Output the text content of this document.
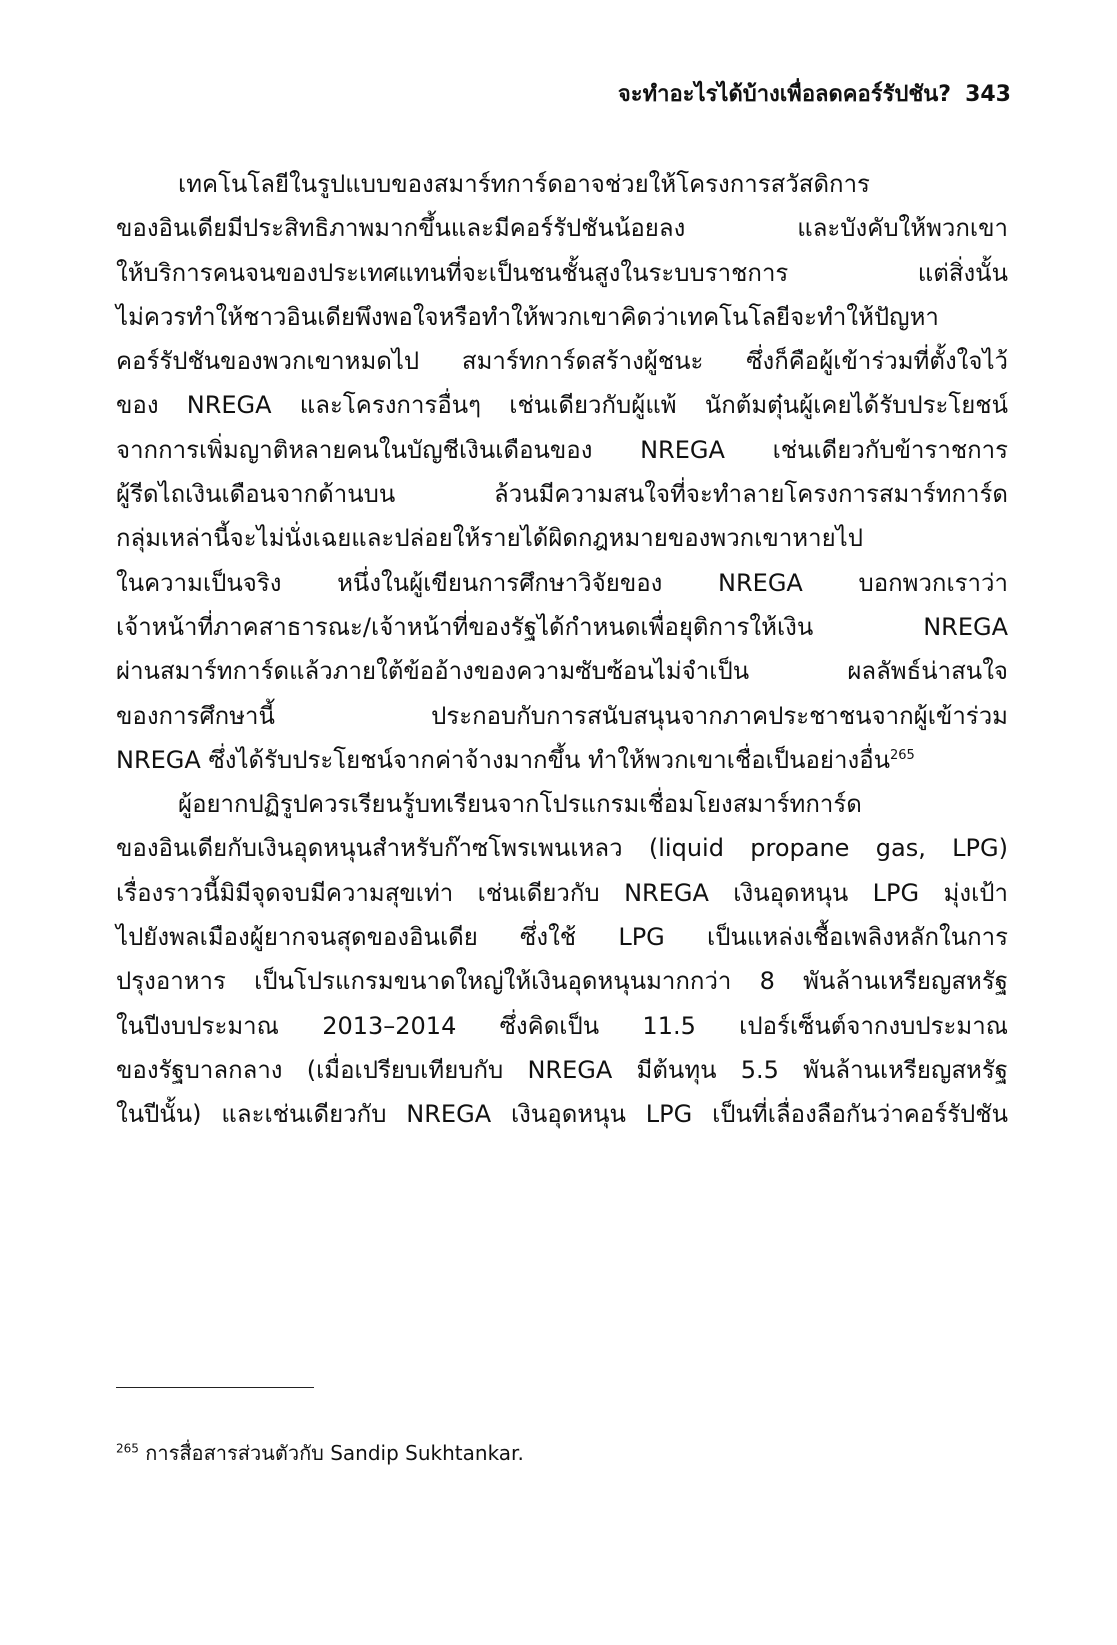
จะทำอะไรได้บ้างเพื่อลดคอร์รัปชัน? 343
เทคโนโลยีในรูปแบบของสมาร์ทการ์ดอาจช่วยให้โครงการสวัสดิการ
ของอินเดียมีประสิทธิภาพมากขึ้นและมีคอร์รัปชันน้อยลง และบังคับให้พวกเขา
ให้บริการคนจนของประเทศแทนที่จะเป็นชนชั้นสูงในระบบราชการ แต่สิ่งนั้น
ไม่ควรทำให้ชาวอินเดียพึงพอใจหรือทำให้พวกเขาคิดว่าเทคโนโลยีจะทำให้ปัญหา
คอร์รัปชันของพวกเขาหมดไป สมาร์ทการ์ดสร้างผู้ชนะ ซึ่งก็คือผู้เข้าร่วมที่ตั้งใจไว้
ของ NREGA และโครงการอื่นๆ เช่นเดียวกับผู้แพ้ นักต้มตุ๋นผู้เคยได้รับประโยชน์
จากการเพิ่มญาติหลายคนในบัญชีเงินเดือนของ NREGA เช่นเดียวกับข้าราชการ
ผู้รีดไถเงินเดือนจากด้านบน ล้วนมีความสนใจที่จะทำลายโครงการสมาร์ทการ์ด
กลุ่มเหล่านี้จะไม่นั่งเฉยและปล่อยให้รายได้ผิดกฎหมายของพวกเขาหายไป
ในความเป็นจริง หนึ่งในผู้เขียนการศึกษาวิจัยของ NREGA บอกพวกเราว่า
เจ้าหน้าที่ภาคสาธารณะ/เจ้าหน้าที่ของรัฐได้กำหนดเพื่อยุติการให้เงิน NREGA
ผ่านสมาร์ทการ์ดแล้วภายใต้ข้ออ้างของความซับซ้อนไม่จำเป็น ผลลัพธ์น่าสนใจ
ของการศึกษานี้ ประกอบกับการสนับสนุนจากภาคประชาชนจากผู้เข้าร่วม
NREGA ซึ่งได้รับประโยชน์จากค่าจ้างมากขึ้น ทำให้พวกเขาเชื่อเป็นอย่างอื่น$^{265}$
ผู้อยากปฏิรูปควรเรียนรู้บทเรียนจากโปรแกรมเชื่อมโยงสมาร์ทการ์ด
ของอินเดียกับเงินอุดหนุนสำหรับก๊าซโพรเพนเหลว (liquid propane gas, LPG)
เรื่องราวนี้มิมีจุดจบมีความสุขเท่า เช่นเดียวกับ NREGA เงินอุดหนุน LPG มุ่งเป้า
ไปยังพลเมืองผู้ยากจนสุดของอินเดีย ซึ่งใช้ LPG เป็นแหล่งเชื้อเพลิงหลักในการ
ปรุงอาหาร เป็นโปรแกรมขนาดใหญ่ให้เงินอุดหนุนมากกว่า 8 พันล้านเหรียญสหรัฐ
ในปีงบประมาณ 2013–2014 ซึ่งคิดเป็น 11.5 เปอร์เซ็นต์จากงบประมาณ
ของรัฐบาลกลาง (เมื่อเปรียบเทียบกับ NREGA มีต้นทุน 5.5 พันล้านเหรียญสหรัฐ
ในปีนั้น) และเช่นเดียวกับ NREGA เงินอุดหนุน LPG เป็นที่เลื่องลือกันว่าคอร์รัปชัน
$^{265}$ การสื่อสารส่วนตัวกับ Sandip Sukhtankar.
